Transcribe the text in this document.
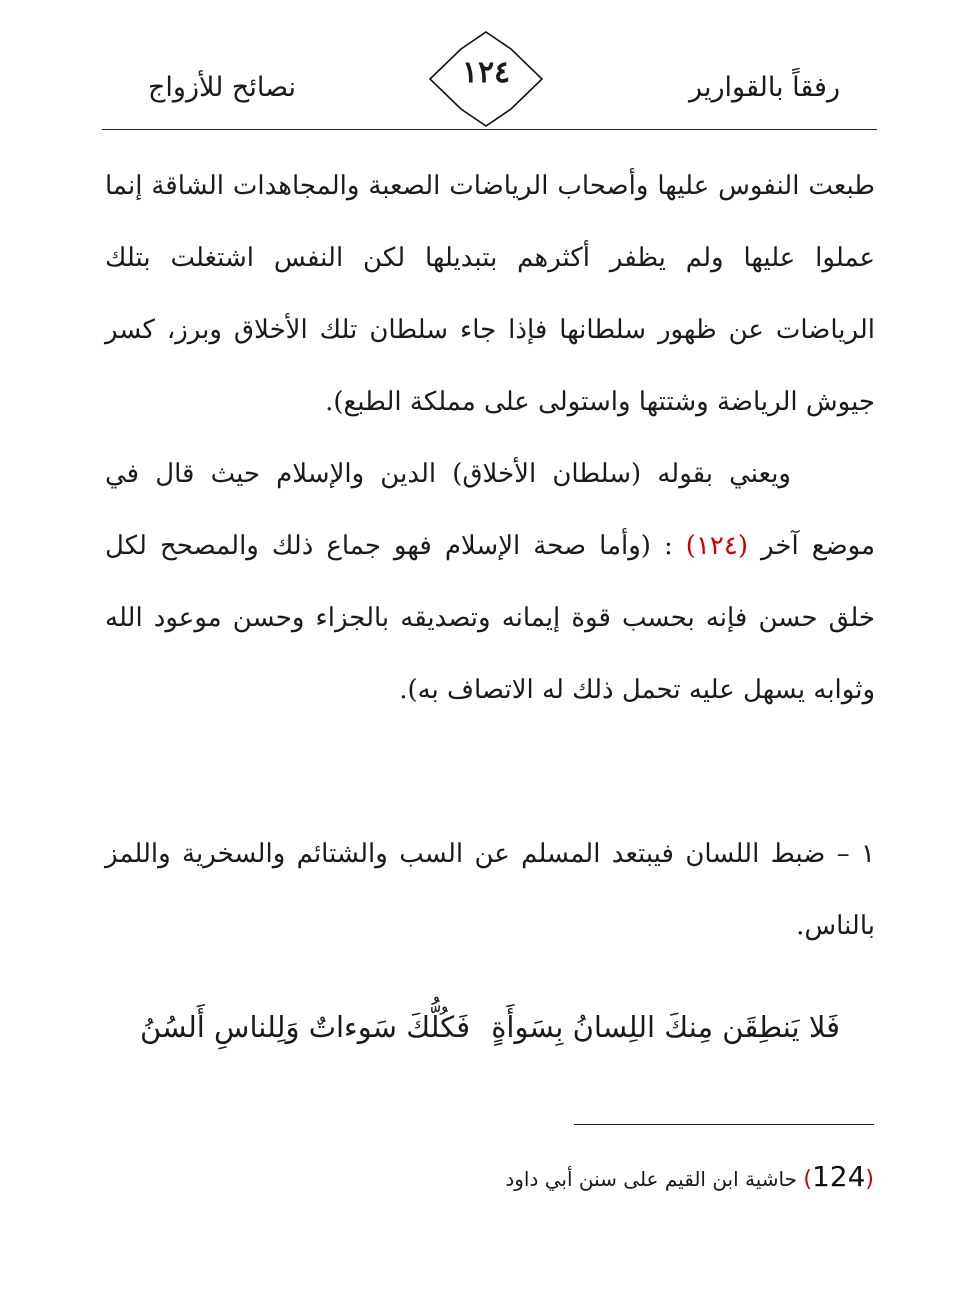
رفقاً بالقوارير
١٢٤
نصائح للأزواج
طبعت النفوس عليها وأصحاب الرياضات الصعبة والمجاهدات الشاقة إنما عملوا عليها ولم يظفر أكثرهم بتبديلها لكن النفس اشتغلت بتلك الرياضات عن ظهور سلطانها فإذا جاء سلطان تلك الأخلاق وبرز، كسر جيوش الرياضة وشتتها واستولى على مملكة الطبع).
ويعني بقوله (سلطان الأخلاق) الدين والإسلام حيث قال في موضع آخر (١٢٤) : (وأما صحة الإسلام فهو جماع ذلك والمصحح لكل خلق حسن فإنه بحسب قوة إيمانه وتصديقه بالجزاء وحسن موعود الله وثوابه يسهل عليه تحمل ذلك له الاتصاف به).
١ – ضبط اللسان فيبتعد المسلم عن السب والشتائم والسخرية واللمز بالناس.
فَلا يَنطِقَن مِنكَ اللِسانُ بِسَوأَةٍ
فَكُلُّكَ سَوءاتٌ وَلِلناسِ أَلسُنُ
(124) حاشية ابن القيم على سنن أبي داود
